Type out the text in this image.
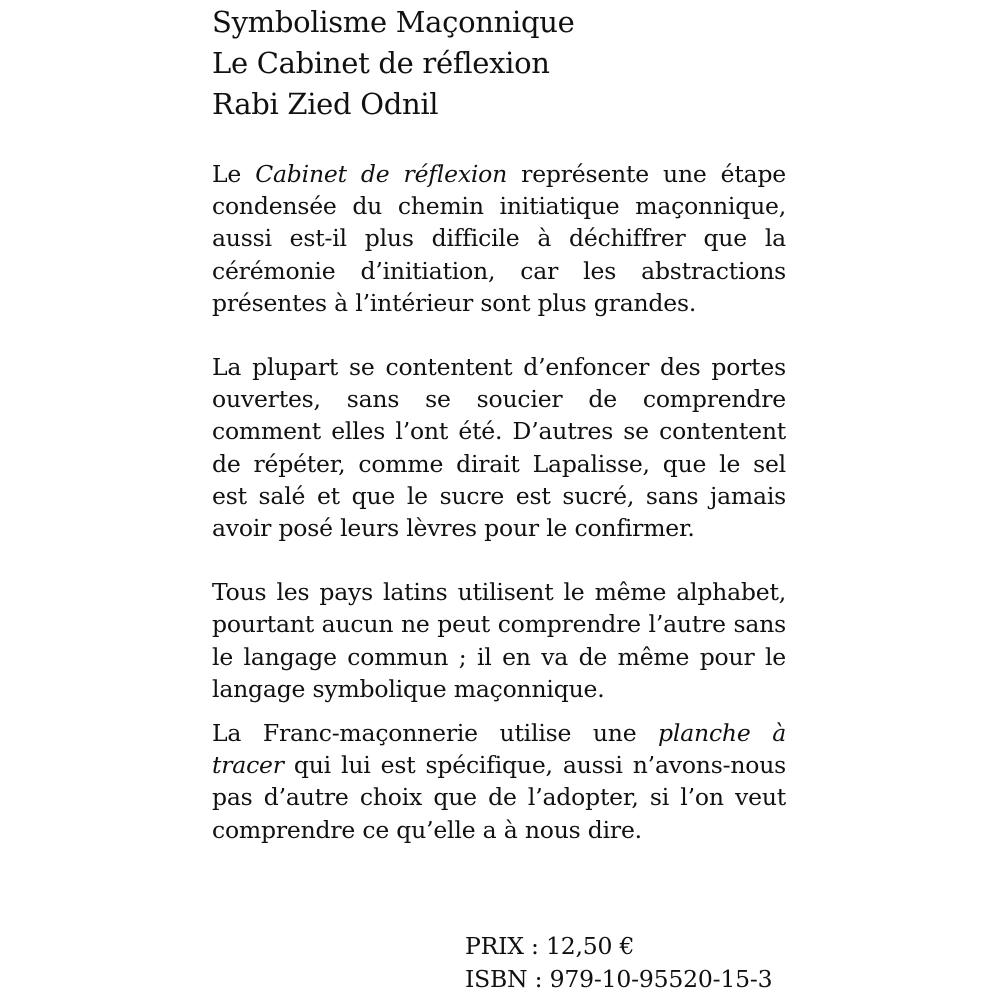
Symbolisme Maçonnique
Le Cabinet de réflexion
Rabi Zied Odnil

Le Cabinet de réflexion représente une étape condensée du chemin initiatique maçonnique, aussi est-il plus difficile à déchiffrer que la cérémonie d’initiation, car les abstractions présentes à l’intérieur sont plus grandes.

La plupart se contentent d’enfoncer des portes ouvertes, sans se soucier de comprendre comment elles l’ont été. D’autres se contentent de répéter, comme dirait Lapalisse, que le sel est salé et que le sucre est sucré, sans jamais avoir posé leurs lèvres pour le confirmer.

Tous les pays latins utilisent le même alphabet, pourtant aucun ne peut comprendre l’autre sans le langage commun ; il en va de même pour le langage symbolique maçonnique.

La Franc-maçonnerie utilise une planche à tracer qui lui est spécifique, aussi n’avons-nous pas d’autre choix que de l’adopter, si l’on veut comprendre ce qu’elle a à nous dire.

PRIX : 12,50 €
ISBN : 979-10-95520-15-3
